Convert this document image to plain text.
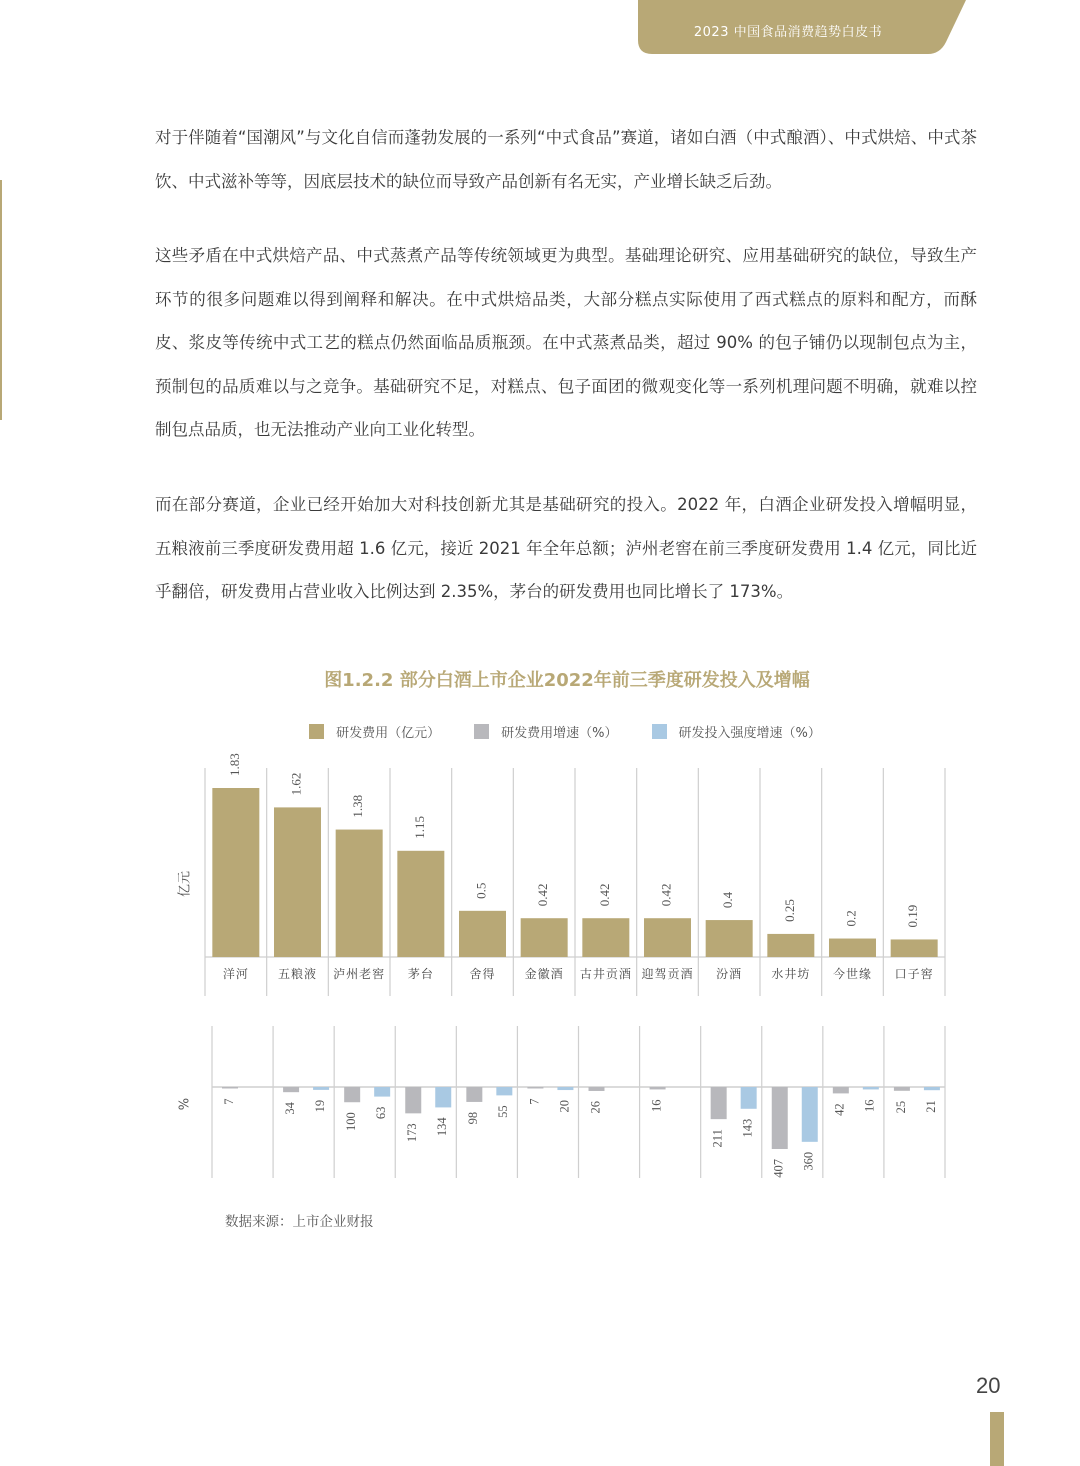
2023 中国食品消费趋势白皮书

对于伴随着“国潮风”与文化自信而蓬勃发展的一系列“中式食品”赛道，诸如白酒（中式酿酒）、中式烘焙、中式茶饮、中式滋补等等，因底层技术的缺位而导致产品创新有名无实，产业增长缺乏后劲。

这些矛盾在中式烘焙产品、中式蒸煮产品等传统领域更为典型。基础理论研究、应用基础研究的缺位，导致生产环节的很多问题难以得到阐释和解决。在中式烘焙品类，大部分糕点实际使用了西式糕点的原料和配方，而酥皮、浆皮等传统中式工艺的糕点仍然面临品质瓶颈。在中式蒸煮品类，超过 90% 的包子铺仍以现制包点为主，预制包的品质难以与之竞争。基础研究不足，对糕点、包子面团的微观变化等一系列机理问题不明确，就难以控制包点品质，也无法推动产业向工业化转型。

而在部分赛道，企业已经开始加大对科技创新尤其是基础研究的投入。2022 年，白酒企业研发投入增幅明显，五粮液前三季度研发费用超 1.6 亿元，接近 2021 年全年总额；泸州老窖在前三季度研发费用 1.4 亿元，同比近乎翻倍，研发费用占营业收入比例达到 2.35%，茅台的研发费用也同比增长了 173%。

图1.2.2 部分白酒上市企业2022年前三季度研发投入及增幅
研发费用（亿元）	研发费用增速（%）	研发投入强度增速（%）
1.83
洋河
1.62
五粮液
1.38
泸州老窖
1.15
茅台
0.5
舍得
0.42
金徽酒
0.42
古井贡酒
0.42
迎驾贡酒
0.4
汾酒
0.25
水井坊
0.2
今世缘
0.19
口子窖
亿元
7
34 19
100 63
173 134 98
55
7 20 26	16
211
143
407 360
42 16 25 21
%
数据来源：上市企业财报
20
